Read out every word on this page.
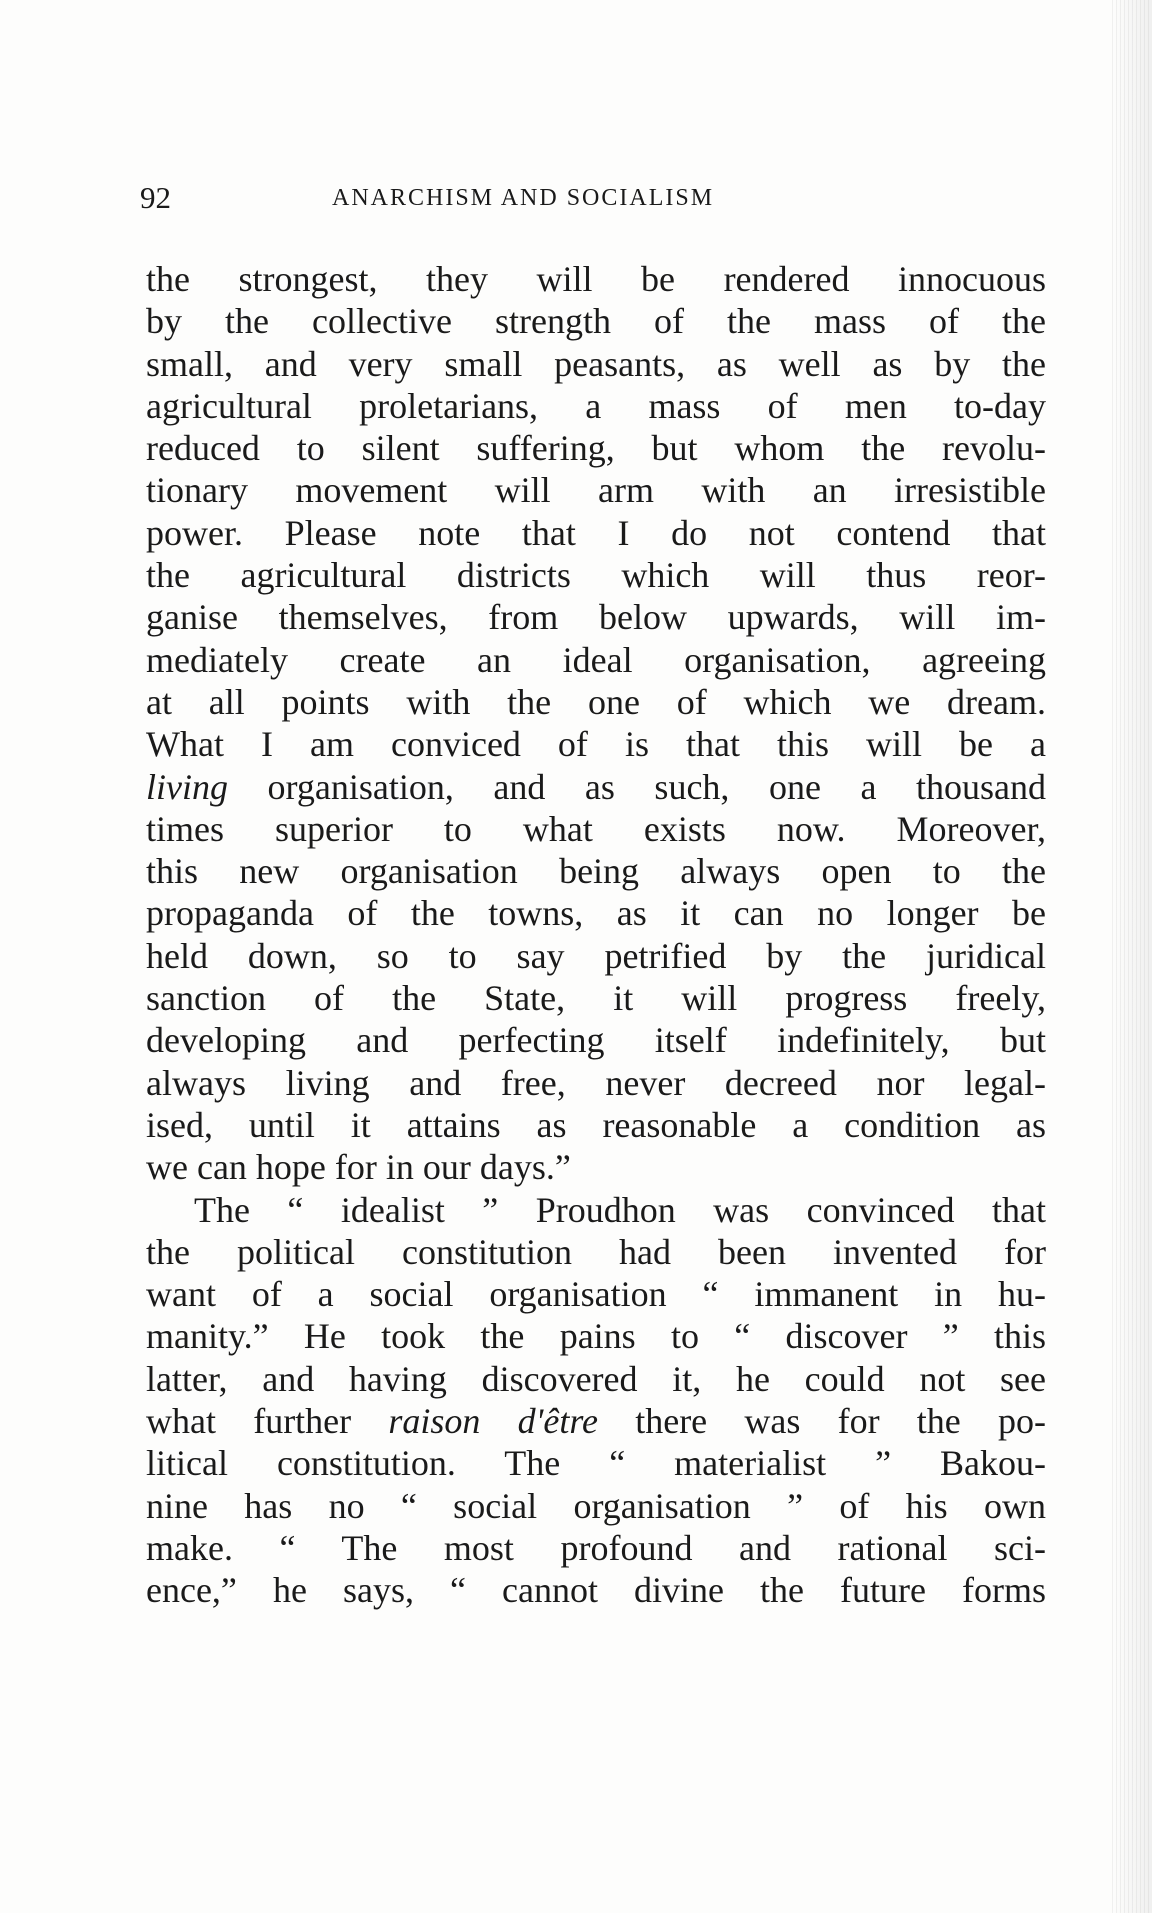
92	ANARCHISM AND SOCIALISM
the strongest, they will be rendered innocuous
by the collective strength of the mass of the
small, and very small peasants, as well as by the
agricultural proletarians, a mass of men to-day
reduced to silent suffering, but whom the revolu-
tionary movement will arm with an irresistible
power. Please note that I do not contend that
the agricultural districts which will thus reor-
ganise themselves, from below upwards, will im-
mediately create an ideal organisation, agreeing
at all points with the one of which we dream.
What I am conviced of is that this will be a
living organisation, and as such, one a thousand
times superior to what exists now. Moreover,
this new organisation being always open to the
propaganda of the towns, as it can no longer be
held down, so to say petrified by the juridical
sanction of the State, it will progress freely,
developing and perfecting itself indefinitely, but
always living and free, never decreed nor legal-
ised, until it attains as reasonable a condition as
we can hope for in our days.”
The “ idealist ” Proudhon was convinced that
the political constitution had been invented for
want of a social organisation “ immanent in hu-
manity.” He took the pains to “ discover ” this
latter, and having discovered it, he could not see
what further raison d'être there was for the po-
litical constitution. The “ materialist ” Bakou-
nine has no “ social organisation ” of his own
make. “ The most profound and rational sci-
ence,” he says, “ cannot divine the future forms
